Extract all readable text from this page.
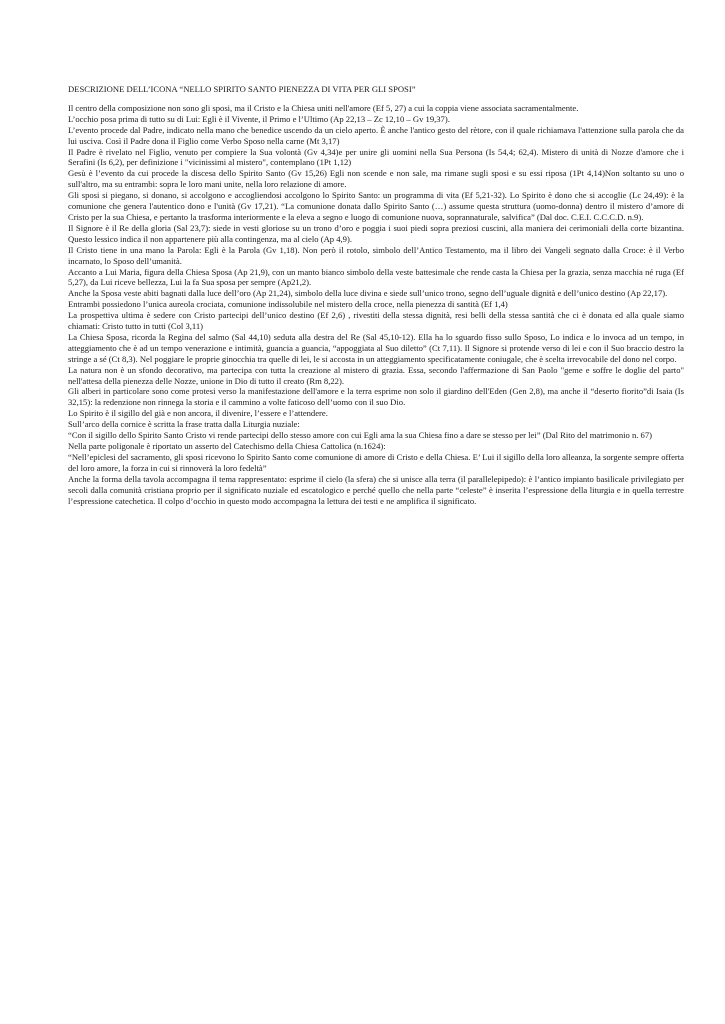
DESCRIZIONE DELL’ICONA “NELLO SPIRITO SANTO PIENEZZA DI VITA PER GLI SPOSI”

Il centro della composizione non sono gli sposi, ma il Cristo e la Chiesa uniti nell'amore (Ef 5, 27) a cui la coppia viene associata sacramentalmente.

L’occhio posa prima di tutto su di Lui: Egli è il Vivente, il Primo e l’Ultimo (Ap 22,13 – Zc 12,10 – Gv 19,37).

L’evento procede dal Padre, indicato nella mano che benedice uscendo da un cielo aperto. È anche l'antico gesto del rètore, con il quale richiamava l'attenzione sulla parola che da lui usciva. Così il Padre dona il Figlio come Verbo Sposo nella carne (Mt 3,17)

Il Padre è rivelato nel Figlio, venuto per compiere la Sua volontà (Gv 4,34)e per unire gli uomini nella Sua Persona (Is 54,4; 62,4). Mistero di unità di Nozze d'amore che i Serafini (Is 6,2), per definizione i "vicinissimi al mistero", contemplano (1Pt 1,12)

Gesù è l’evento da cui procede la discesa dello Spirito Santo (Gv 15,26) Egli non scende e non sale, ma rimane sugli sposi e su essi riposa (1Pt 4,14)Non soltanto su uno o sull'altro, ma su entrambi: sopra le loro mani unite, nella loro relazione di amore.

Gli sposi si piegano, si donano, si accolgono e accogliendosi accolgono lo Spirito Santo: un programma di vita (Ef 5,21-32). Lo Spirito è dono che si accoglie (Lc 24,49): è la comunione che genera l'autentico dono e l'unità (Gv 17,21). “La comunione donata dallo Spirito Santo (…) assume questa struttura (uomo-donna) dentro il mistero d’amore di Cristo per la sua Chiesa, e pertanto la trasforma interiormente e la eleva a segno e luogo di comunione nuova, soprannaturale, salvifica” (Dal doc. C.E.I. C.C.C.D. n.9).

Il Signore è il Re della gloria (Sal 23,7): siede in vesti gloriose su un trono d’oro e poggia i suoi piedi sopra preziosi cuscini, alla maniera dei cerimoniali della corte bizantina. Questo lessico indica il non appartenere più alla contingenza, ma al cielo (Ap 4,9).

Il Cristo tiene in una mano la Parola: Egli è la Parola (Gv 1,18). Non però il rotolo, simbolo dell’Antico Testamento, ma il libro dei Vangeli segnato dalla Croce: è il Verbo incarnato, lo Sposo dell’umanità.

Accanto a Lui Maria, figura della Chiesa Sposa (Ap 21,9), con un manto bianco simbolo della veste battesimale che rende casta la Chiesa per la grazia, senza macchia né ruga (Ef 5,27), da Lui riceve bellezza, Lui la fa Sua sposa per sempre (Ap21,2).

Anche la Sposa veste abiti bagnati dalla luce dell’oro (Ap 21,24), simbolo della luce divina e siede sull’unico trono, segno dell’uguale dignità e dell’unico destino (Ap 22,17).

Entrambi possiedono l’unica aureola crociata, comunione indissolubile nel mistero della croce, nella pienezza di santità (Ef 1,4)

La prospettiva ultima è sedere con Cristo partecipi dell’unico destino (Ef 2,6) , rivestiti della stessa dignità, resi belli della stessa santità che ci è donata ed alla quale siamo chiamati: Cristo tutto in tutti (Col 3,11)

La Chiesa Sposa, ricorda la Regina del salmo (Sal 44,10) seduta alla destra del Re (Sal 45,10-12). Ella ha lo sguardo fisso sullo Sposo, Lo indica e lo invoca ad un tempo, in atteggiamento che è ad un tempo venerazione e intimità, guancia a guancia, “appoggiata al Suo diletto” (Ct 7,11). Il Signore si protende verso di lei e con il Suo braccio destro la stringe a sé (Ct 8,3). Nel poggiare le proprie ginocchia tra quelle di lei, le si accosta in un atteggiamento specificatamente coniugale, che è scelta irrevocabile del dono nel corpo.

La natura non è un sfondo decorativo, ma partecipa con tutta la creazione al mistero di grazia. Essa, secondo l'affermazione di San Paolo "geme e soffre le doglie del parto" nell'attesa della pienezza delle Nozze, unione in Dio di tutto il creato (Rm 8,22).

Gli alberi in particolare sono come protesi verso la manifestazione dell'amore e la terra esprime non solo il giardino dell'Eden (Gen 2,8), ma anche il “deserto fiorito”di Isaia (Is 32,15): la redenzione non rinnega la storia e il cammino a volte faticoso dell’uomo con il suo Dio.

Lo Spirito è il sigillo del già e non ancora, il divenire, l’essere e l’attendere.

Sull’arco della cornice è scritta la frase tratta dalla Liturgia nuziale:

“Con il sigillo dello Spirito Santo Cristo vi rende partecipi dello stesso amore con cui Egli ama la sua Chiesa fino a dare se stesso per lei” (Dal Rito del matrimonio n. 67)

Nella parte poligonale è riportato un asserto del Catechismo della Chiesa Cattolica (n.1624):

“Nell’epiclesi del sacramento, gli sposi ricevono lo Spirito Santo come comunione di amore di Cristo e della Chiesa. E’ Lui il sigillo della loro alleanza, la sorgente sempre offerta del loro amore, la forza in cui si rinnoverà la loro fedeltà”

Anche la forma della tavola accompagna il tema rappresentato: esprime il cielo (la sfera) che si unisce alla terra (il parallelepipedo): è l’antico impianto basilicale privilegiato per secoli dalla comunità cristiana proprio per il significato nuziale ed escatologico e perché quello che nella parte “celeste” è inserita l’espressione della liturgia e in quella terrestre l’espressione catechetica. Il colpo d’occhio in questo modo accompagna la lettura dei testi e ne amplifica il significato.
